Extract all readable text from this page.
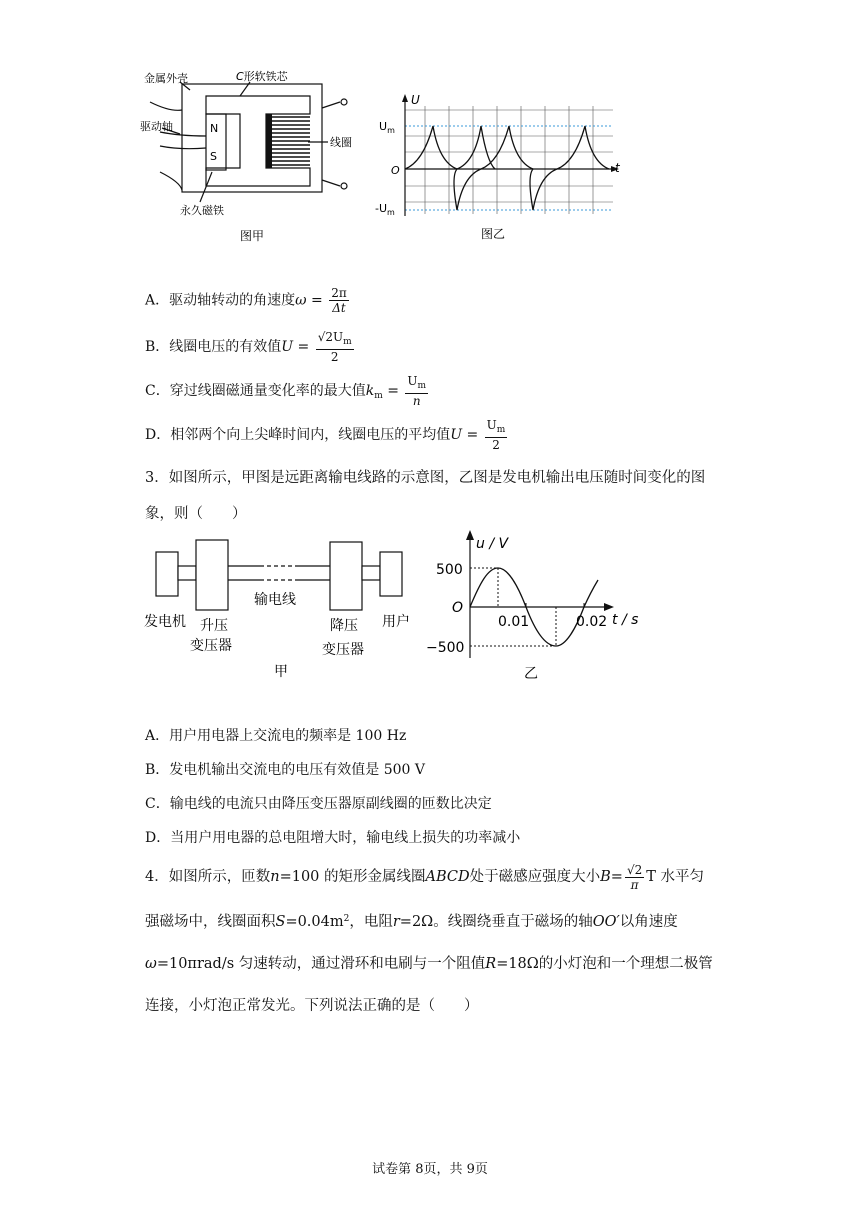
N
S
金属外壳	C形软铁芯
驱动轴
线圈
永久磁铁
图甲
U
t
O
$U_m$
$-U_m$
图乙
A．驱动轴转动的角速度$\omega = \frac{2\pi}{\Delta t}$
B．线圈电压的有效值$U = \frac{√2U_m}{2}$
C．穿过线圈磁通量变化率的最大值$k_m = \frac{U_m}{n}$
D．相邻两个向上尖峰时间内，线圈电压的平均值$U = \frac{U_m}{2}$
3．如图所示，甲图是远距离输电线路的示意图，乙图是发电机输出电压随时间变化的图象，则（　　）
发电机 升压
变压器
输电线
降压
变压器
用户
甲
u / V
t / s
O
500
−500
0.01	0.02
乙
A．用户用电器上交流电的频率是 100 Hz
B．发电机输出交流电的电压有效值是 500 V
C．输电线的电流只由降压变压器原副线圈的匝数比决定
D．当用户用电器的总电阻增大时，输电线上损失的功率减小
4．如图所示，匝数n=100 的矩形金属线圈ABCD处于磁感应强度大小$B= \frac{√2}{\pi}$ T 水平匀强磁场中，线圈面积$S=0.04m^2$，电阻r=2Ω。线圈绕垂直于磁场的轴OO′以角速度ω=10πrad/s 匀速转动，通过滑环和电刷与一个阻值R=18Ω的小灯泡和一个理想二极管连接，小灯泡正常发光。下列说法正确的是（　　）
试卷第 8页，共 9页
